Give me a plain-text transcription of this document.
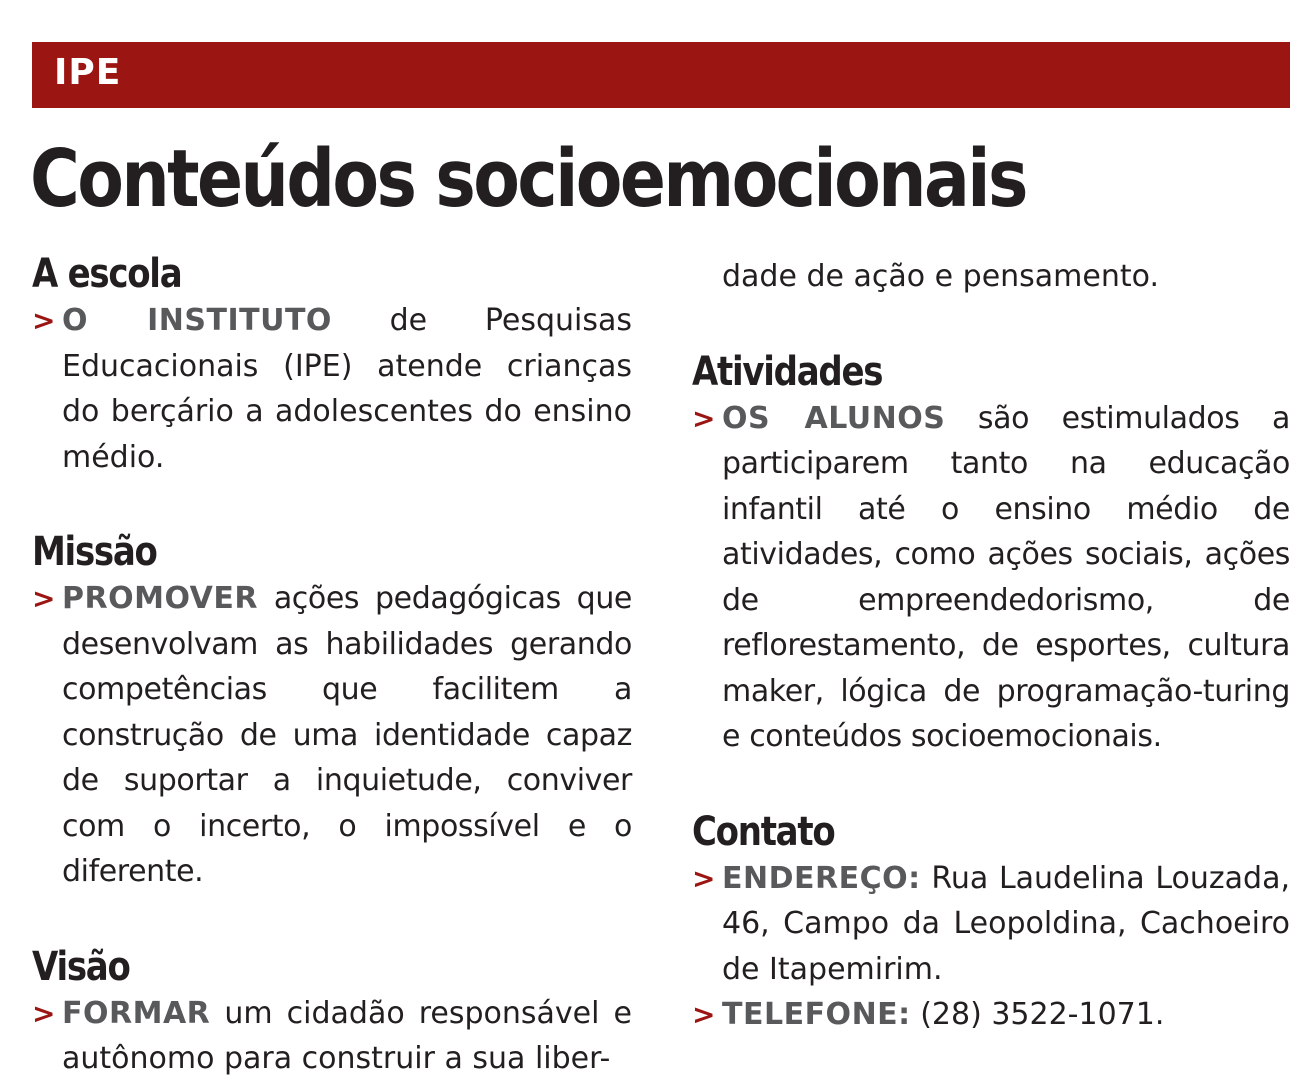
IPE
Conteúdos socioemocionais
A escola

> O INSTITUTO de Pesquisas Educacionais (IPE) atende crianças do berçário a adolescentes do ensino médio.

Missão

> PROMOVER ações pedagógicas que desenvolvam as habilidades gerando competências que facilitem a construção de uma identidade capaz de suportar a inquietude, conviver com o incerto, o impossível e o diferente.

Visão

> FORMAR um cidadão responsável e autônomo para construir a sua liber-

dade de ação e pensamento.

Atividades

> OS ALUNOS são estimulados a participarem tanto na educação infantil até o ensino médio de atividades, como ações sociais, ações de empreendedorismo, de reflorestamento, de esportes, cultura maker, lógica de programação-turing e conteúdos socioemocionais.

Contato

> ENDEREÇO: Rua Laudelina Louzada, 46, Campo da Leopoldina, Cachoeiro de Itapemirim.

> TELEFONE: (28) 3522-1071.
